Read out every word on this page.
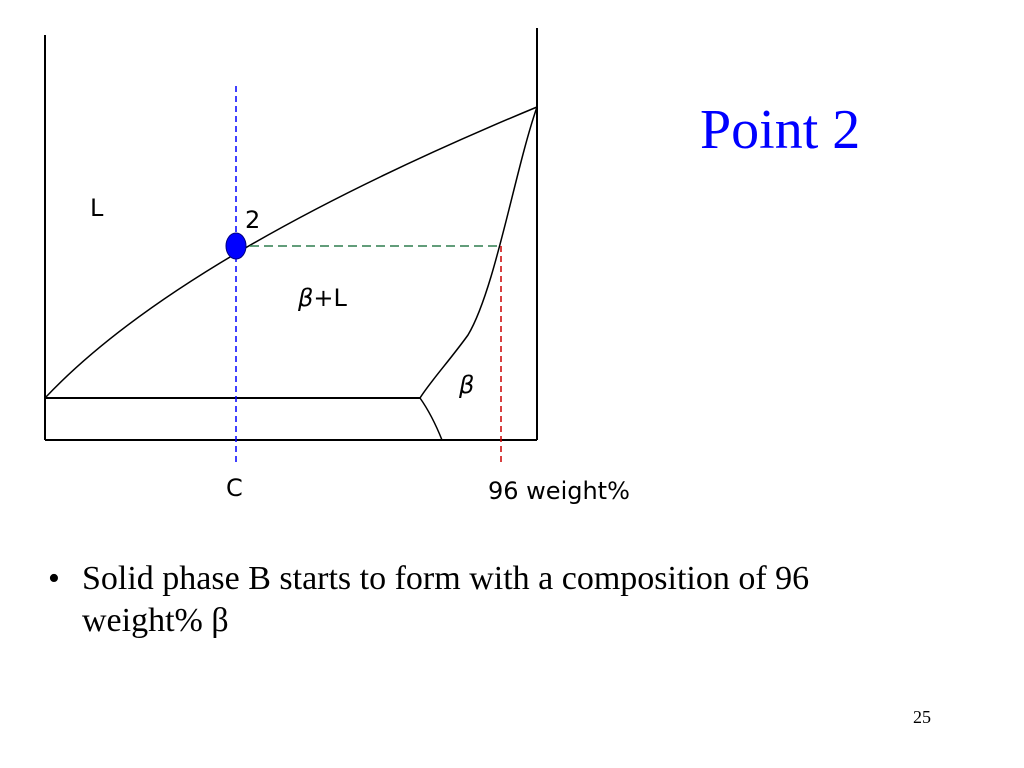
L	2
β+L
β
C	96 weight%
Point 2
• Solid phase B starts to form with a composition of 96 weight% β
25
